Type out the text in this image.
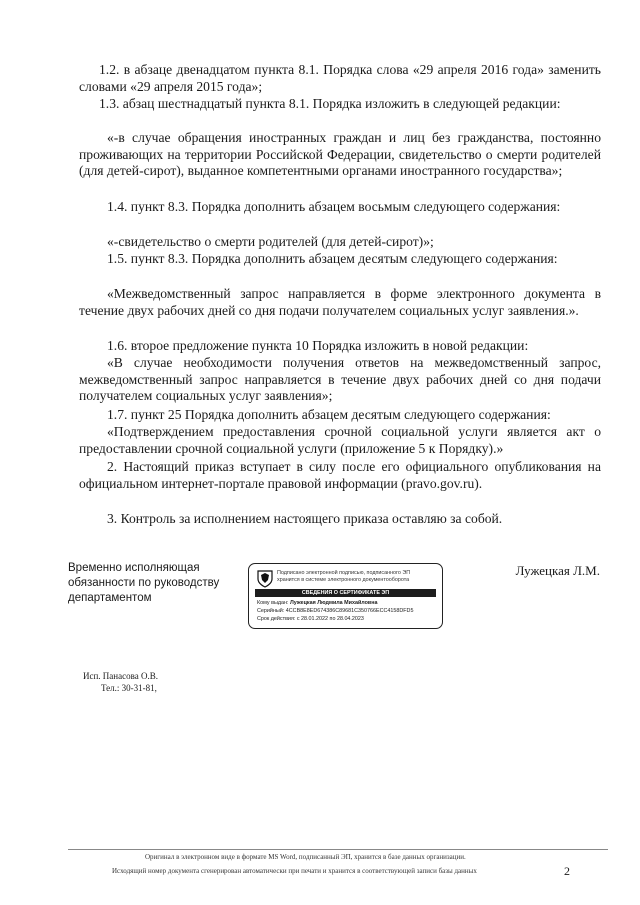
1.2. в абзаце двенадцатом пункта 8.1. Порядка слова «29 апреля 2016 года» заменить словами «29 апреля 2015 года»;

1.3. абзац шестнадцатый пункта 8.1. Порядка изложить в следующей редакции:

«-в случае обращения иностранных граждан и лиц без гражданства, постоянно проживающих на территории Российской Федерации, свидетельство о смерти родителей (для детей-сирот), выданное компетентными органами иностранного государства»;

1.4. пункт 8.3. Порядка дополнить абзацем восьмым следующего содержания:

«-свидетельство о смерти родителей (для детей-сирот)»;

1.5. пункт 8.3. Порядка дополнить абзацем десятым следующего содержания:

«Межведомственный запрос направляется в форме электронного документа в течение двух рабочих дней со дня подачи получателем социальных услуг заявления.».

1.6. второе предложение пункта 10 Порядка изложить в новой редакции:

«В случае необходимости получения ответов на межведомственный запрос, межведомственный запрос направляется в течение двух рабочих дней со дня подачи получателем социальных услуг заявления»;

1.7. пункт 25 Порядка дополнить абзацем десятым следующего содержания:

«Подтверждением предоставления срочной социальной услуги является акт о предоставлении срочной социальной услуги (приложение 5 к Порядку).»

2. Настоящий приказ вступает в силу после его официального опубликования на официальном интернет-портале правовой информации (pravo.gov.ru).

3. Контроль за исполнением настоящего приказа оставляю за собой.

Временно исполняющая
обязанности по руководству
департаментом
Подписано электронной подписью, подписанного ЭП
хранится в системе электронного документооборота
СВЕДЕНИЯ О СЕРТИФИКАТЕ ЭП
Кому выдан: Лужецкая Людмила Михайловна
Серийный: 4CCB8E8ED674386C89681C350766ECC4158DFD5
Срок действия: с 28.01.2022 по 28.04.2023
Лужецкая Л.М.
Исп. Панасова О.В.
Тел.: 30-31-81,
Оригинал в электронном виде в формате MS Word, подписанный ЭП, хранится в базе данных организации.
Исходящий номер документа сгенерирован автоматически при печати и хранится в соответствующей записи базы данных	2
